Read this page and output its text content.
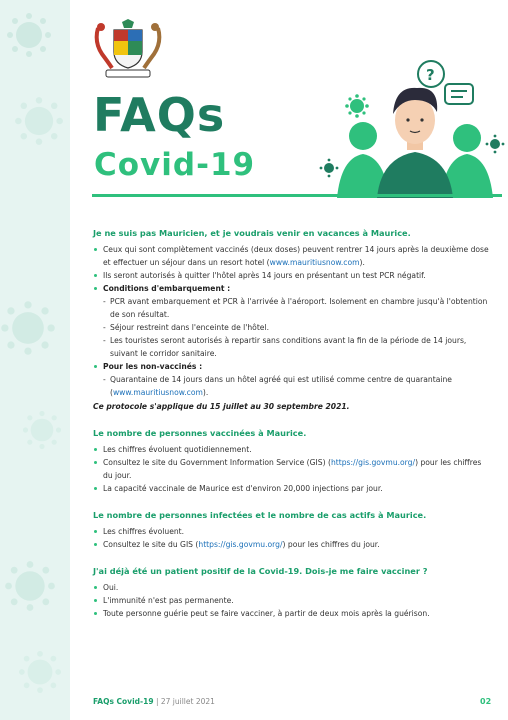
FAQs
Covid-19
?
Je ne suis pas Mauricien, et je voudrais venir en vacances à Maurice.
Ceux qui sont complètement vaccinés (deux doses) peuvent rentrer 14 jours après la deuxième dose et effectuer un séjour dans un resort hotel (www.mauritiusnow.com).
Ils seront autorisés à quitter l'hôtel après 14 jours en présentant un test PCR négatif.
Conditions d'embarquement :
- PCR avant embarquement et PCR à l'arrivée à l'aéroport. Isolement en chambre jusqu'à l'obtention de son résultat.
- Séjour restreint dans l'enceinte de l'hôtel.
- Les touristes seront autorisés à repartir sans conditions avant la fin de la période de 14 jours, suivant le corridor sanitaire.
Pour les non-vaccinés :
- Quarantaine de 14 jours dans un hôtel agréé qui est utilisé comme centre de quarantaine (www.mauritiusnow.com).
Ce protocole s'applique du 15 juillet au 30 septembre 2021.
Le nombre de personnes vaccinées à Maurice.
Les chiffres évoluent quotidiennement.
Consultez le site du Government Information Service (GIS) (https://gis.govmu.org/) pour les chiffres du jour.
La capacité vaccinale de Maurice est d'environ 20,000 injections par jour.
Le nombre de personnes infectées et le nombre de cas actifs à Maurice.
Les chiffres évoluent.
Consultez le site du GIS (https://gis.govmu.org/) pour les chiffres du jour.
J'ai déjà été un patient positif de la Covid-19. Dois-je me faire vacciner ?
Oui.
L'immunité n'est pas permanente.
Toute personne guérie peut se faire vacciner, à partir de deux mois après la guérison.
FAQs Covid-19 | 27 juillet 2021	02
